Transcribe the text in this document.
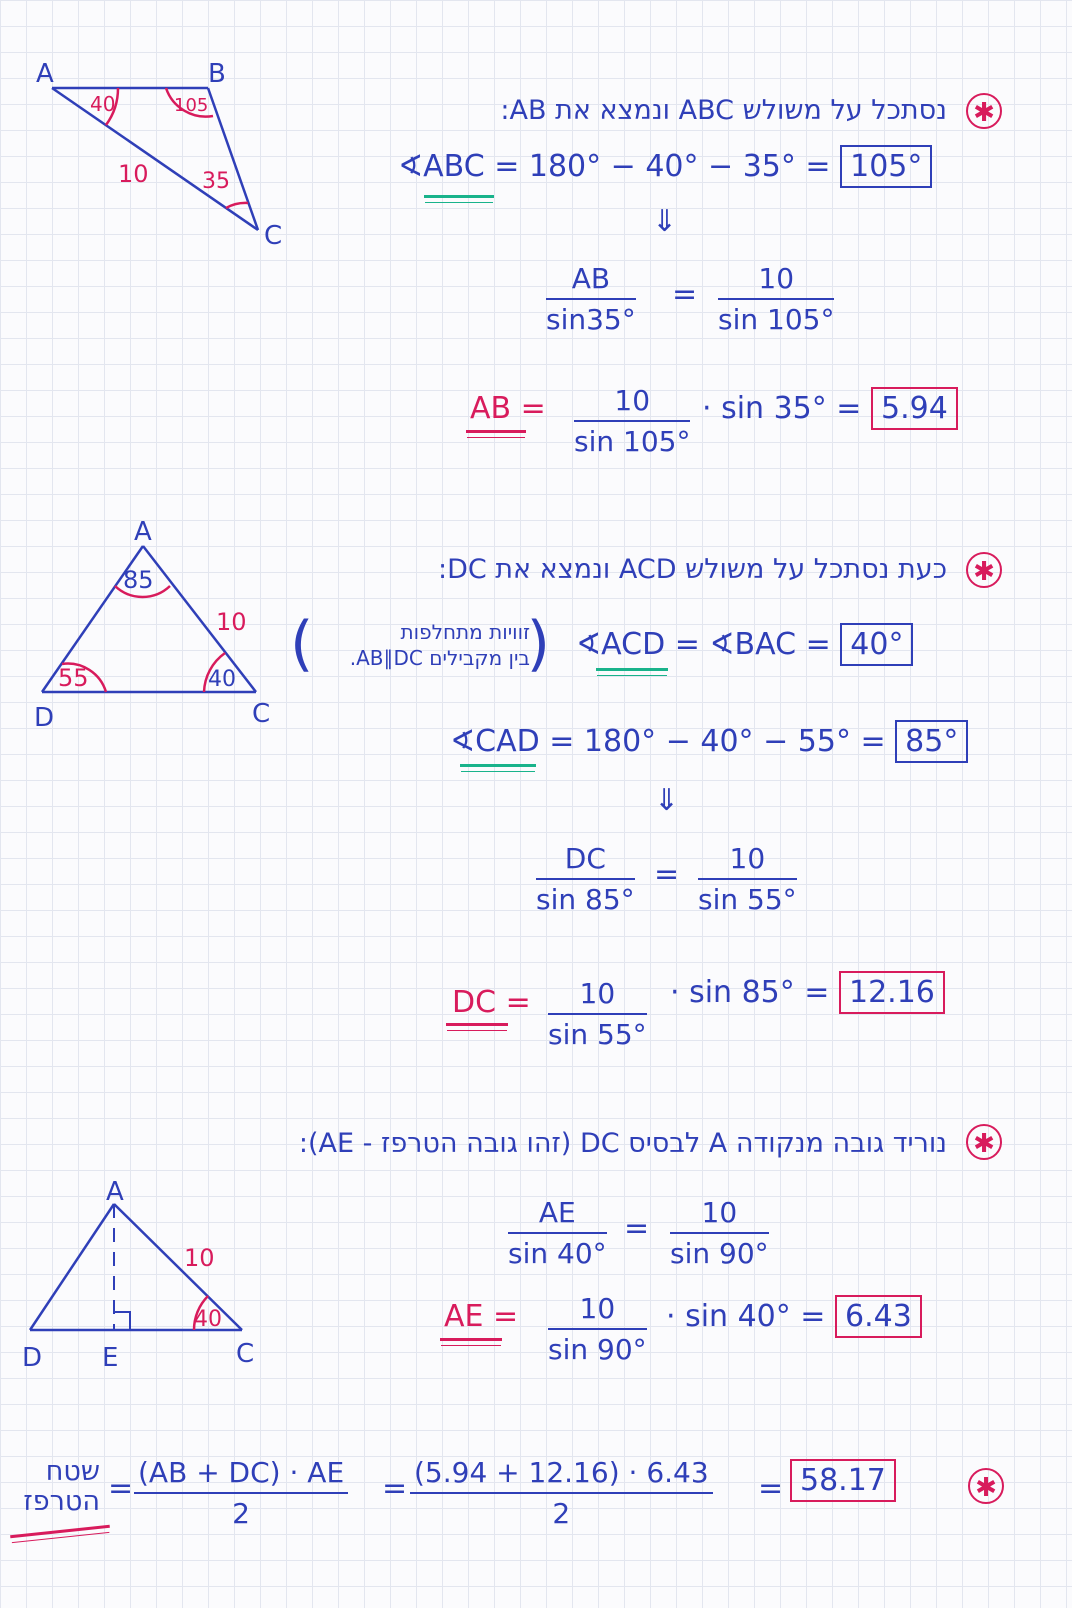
A	B
C
40	105
35
10
✱
נסתכל על משולש ABC ונמצא את AB:
∢ABC = 180° − 40° − 35° = 105°
⇓
$\frac{AB}{\sin 35^\circ} = \frac{10}{\sin 105^\circ}$
AB = $\frac{10}{\sin 105^\circ} \cdot \sin 35^\circ = 5.94$
A
D	C
85
55	40
10
✱
כעת נסתכל על משולש ACD ונמצא את DC:
(	זוויות מתחלפות
בין מקבילים AB∥DC.
) ∢ACD = ∢BAC = 40°
∢CAD = 180° − 40° − 55° = 85°
⇓
$\frac{DC}{\sin 85^\circ} = \frac{10}{\sin 55^\circ}$
DC = $\frac{10}{\sin 55^\circ} \cdot \sin 85^\circ = 12.16$
✱
נוריד גובה מנקודה A לבסיס DC (זהו גובה הטרפז - AE):
A
D E	C
40
10	$\frac{AE}{\sin 40^\circ} = \frac{10}{\sin 90^\circ}$
AE = $\frac{10}{\sin 90^\circ} \cdot \sin 40^\circ = 6.43$
שטח
הטרפז = $\frac{(AB + DC) \cdot AE}{2} = \frac{(5.94 + 12.16) \cdot 6.43}{2} = 58.17$	✱
